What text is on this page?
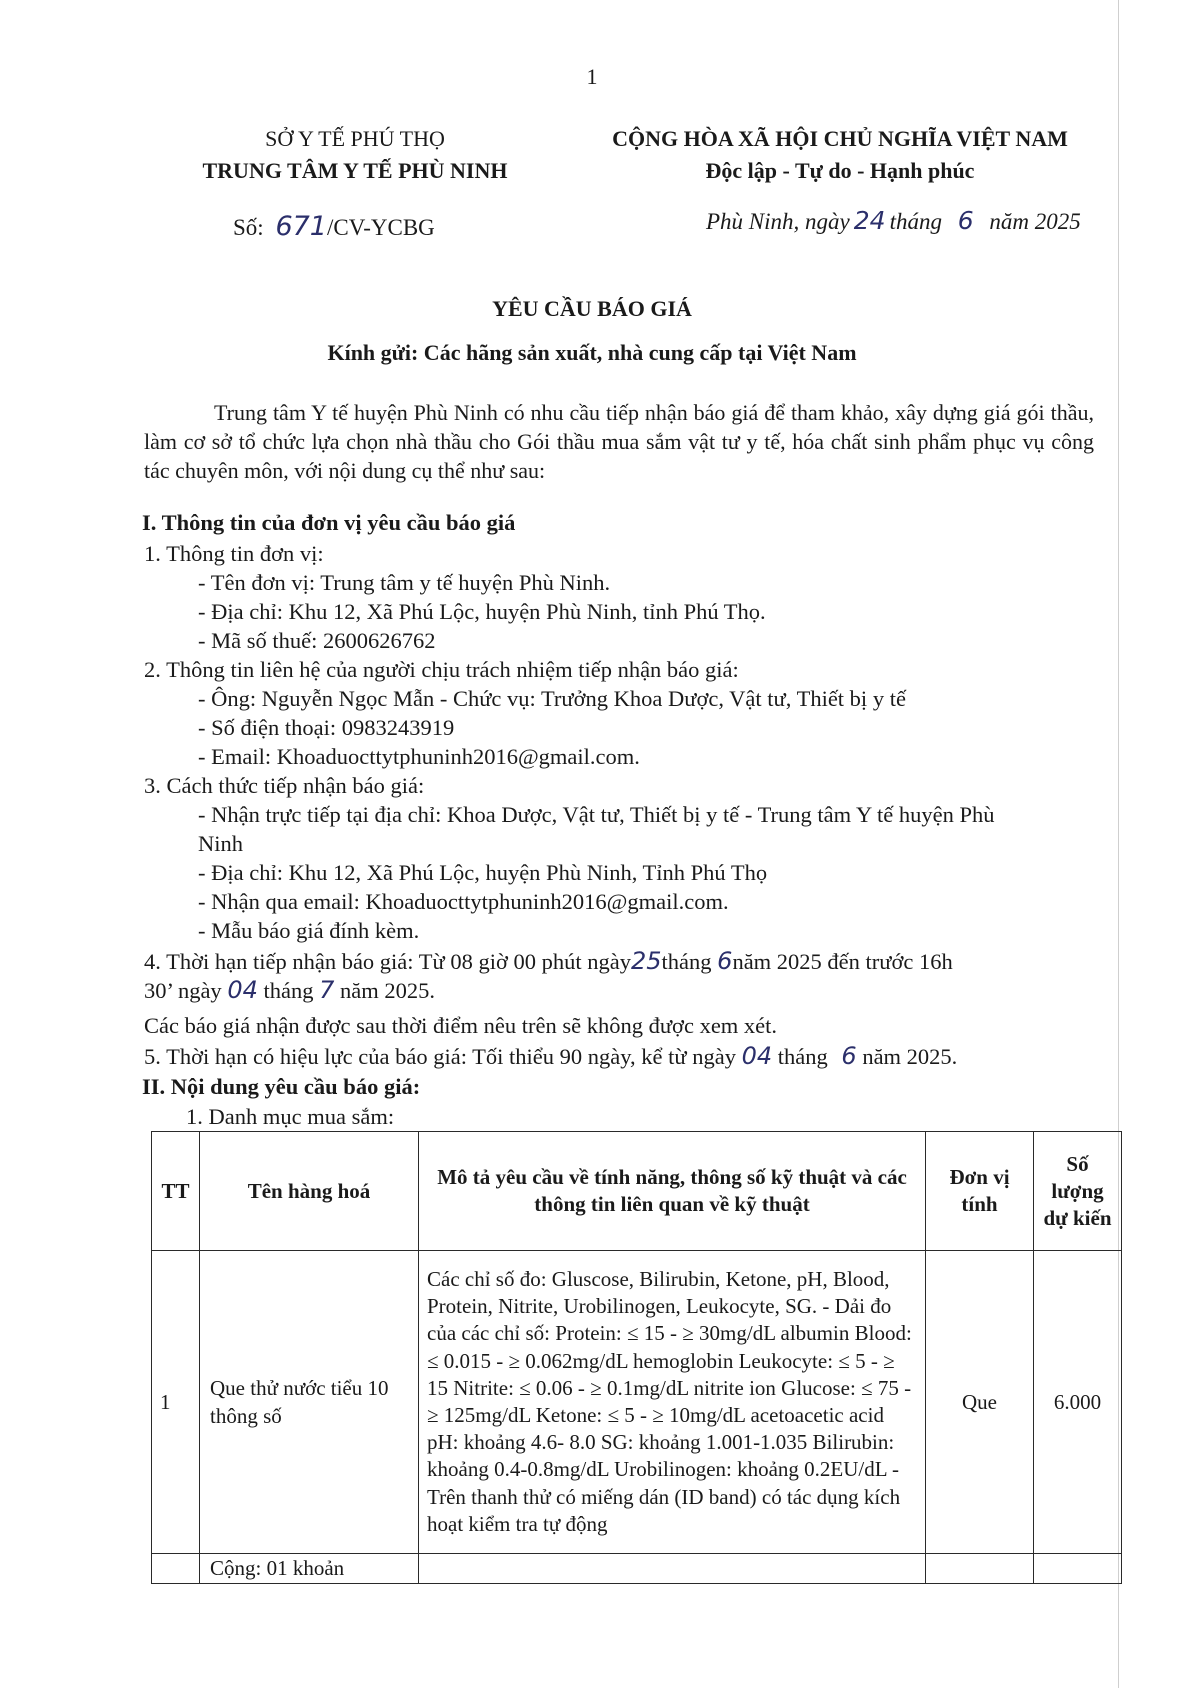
1
SỞ Y TẾ PHÚ THỌ
TRUNG TÂM Y TẾ PHÙ NINH
CỘNG HÒA XÃ HỘI CHỦ NGHĨA VIỆT NAM
Độc lập - Tự do - Hạnh phúc
Số: 671/CV-YCBG	Phù Ninh, ngày 24 tháng 6 năm 2025
YÊU CẦU BÁO GIÁ
Kính gửi: Các hãng sản xuất, nhà cung cấp tại Việt Nam

Trung tâm Y tế huyện Phù Ninh có nhu cầu tiếp nhận báo giá để tham khảo, xây dựng giá gói thầu, làm cơ sở tổ chức lựa chọn nhà thầu cho Gói thầu mua sắm vật tư y tế, hóa chất sinh phẩm phục vụ công tác chuyên môn, với nội dung cụ thể như sau:

I. Thông tin của đơn vị yêu cầu báo giá
1. Thông tin đơn vị:
- Tên đơn vị: Trung tâm y tế huyện Phù Ninh.
- Địa chỉ: Khu 12, Xã Phú Lộc, huyện Phù Ninh, tỉnh Phú Thọ.
- Mã số thuế: 2600626762
2. Thông tin liên hệ của người chịu trách nhiệm tiếp nhận báo giá:
- Ông: Nguyễn Ngọc Mẫn - Chức vụ: Trưởng Khoa Dược, Vật tư, Thiết bị y tế
- Số điện thoại: 0983243919
- Email: Khoaduocttytphuninh2016@gmail.com.
3. Cách thức tiếp nhận báo giá:
- Nhận trực tiếp tại địa chỉ: Khoa Dược, Vật tư, Thiết bị y tế - Trung tâm Y tế huyện Phù
Ninh
- Địa chỉ: Khu 12, Xã Phú Lộc, huyện Phù Ninh, Tỉnh Phú Thọ
- Nhận qua email: Khoaduocttytphuninh2016@gmail.com.
- Mẫu báo giá đính kèm.
4. Thời hạn tiếp nhận báo giá: Từ 08 giờ 00 phút ngày25tháng 6năm 2025 đến trước 16h
30’ ngày 04 tháng 7 năm 2025.
Các báo giá nhận được sau thời điểm nêu trên sẽ không được xem xét.
5. Thời hạn có hiệu lực của báo giá: Tối thiểu 90 ngày, kể từ ngày 04 tháng 6 năm 2025.
II. Nội dung yêu cầu báo giá:
1. Danh mục mua sắm:
TT	Tên hàng hoá	Mô tả yêu cầu về tính năng, thông số kỹ thuật và các thông tin liên quan về kỹ thuật	Đơn vị tính	Số lượng dự kiến
1	Que thử nước tiểu 10 thông số	Các chỉ số đo: Gluscose, Bilirubin, Ketone, pH, Blood, Protein, Nitrite, Urobilinogen, Leukocyte, SG. - Dải đo của các chỉ số: Protein: ≤ 15 - ≥ 30mg/dL albumin Blood: ≤ 0.015 - ≥ 0.062mg/dL hemoglobin Leukocyte: ≤ 5 - ≥ 15 Nitrite: ≤ 0.06 - ≥ 0.1mg/dL nitrite ion Glucose: ≤ 75 - ≥ 125mg/dL Ketone: ≤ 5 - ≥ 10mg/dL acetoacetic acid pH: khoảng 4.6- 8.0 SG: khoảng 1.001-1.035 Bilirubin: khoảng 0.4-0.8mg/dL Urobilinogen: khoảng 0.2EU/dL - Trên thanh thử có miếng dán (ID band) có tác dụng kích hoạt kiểm tra tự động	Que	6.000
	Cộng: 01 khoản			
